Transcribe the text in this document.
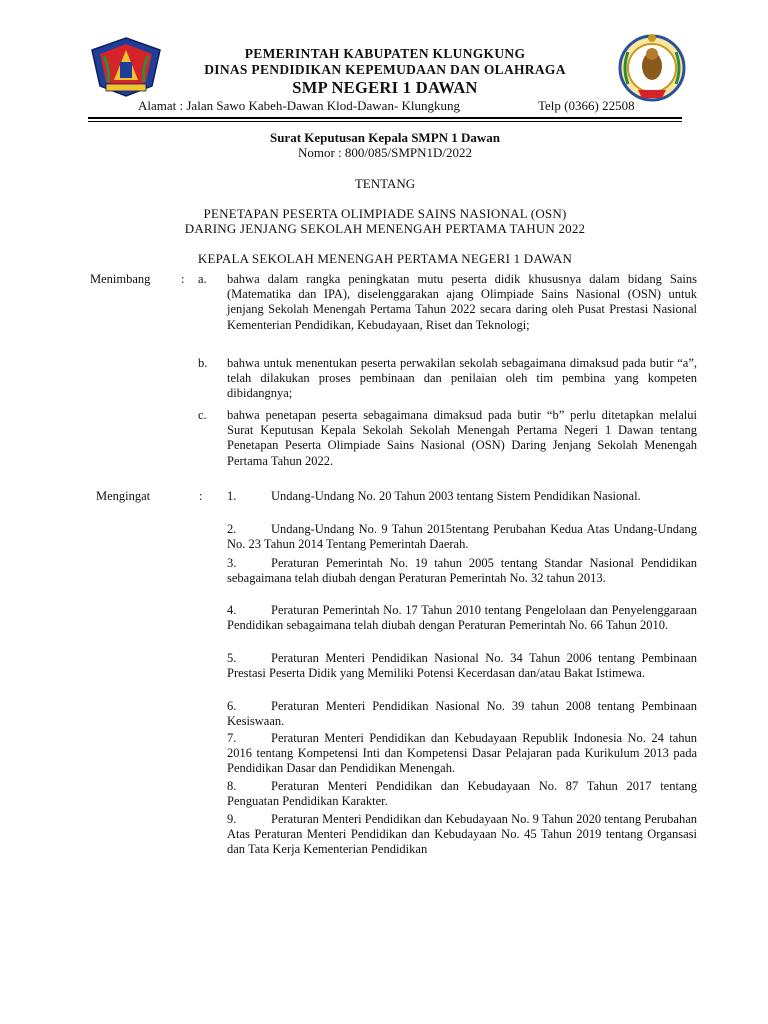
PEMERINTAH KABUPATEN KLUNGKUNG
DINAS PENDIDIKAN KEPEMUDAAN DAN OLAHRAGA
SMP NEGERI 1 DAWAN
Alamat : Jalan Sawo Kabeh-Dawan Klod-Dawan- Klungkung	Telp (0366) 22508
Surat Keputusan Kepala SMPN 1 Dawan
Nomor : 800/085/SMPN1D/2022
TENTANG
PENETAPAN PESERTA OLIMPIADE SAINS NASIONAL (OSN)
DARING JENJANG SEKOLAH MENENGAH PERTAMA TAHUN 2022
KEPALA SEKOLAH MENENGAH PERTAMA NEGERI 1 DAWAN
Menimbang : a. bahwa dalam rangka peningkatan mutu peserta didik khususnya dalam bidang Sains (Matematika dan IPA), diselenggarakan ajang Olimpiade Sains Nasional (OSN) untuk jenjang Sekolah Menengah Pertama Tahun 2022 secara daring oleh Pusat Prestasi Nasional Kementerian Pendidikan, Kebudayaan, Riset dan Teknologi;
b. bahwa untuk menentukan peserta perwakilan sekolah sebagaimana dimaksud pada butir “a”, telah dilakukan proses pembinaan dan penilaian oleh tim pembina yang kompeten dibidangnya;
c. bahwa penetapan peserta sebagaimana dimaksud pada butir “b” perlu ditetapkan melalui Surat Keputusan Kepala Sekolah Sekolah Menengah Pertama Negeri 1 Dawan tentang Penetapan Peserta Olimpiade Sains Nasional (OSN) Daring Jenjang Sekolah Menengah Pertama Tahun 2022.
Mengingat	: 1.	Undang-Undang No. 20 Tahun 2003 tentang Sistem Pendidikan Nasional.
2.	Undang-Undang No. 9 Tahun 2015tentang Perubahan Kedua Atas Undang-Undang No. 23 Tahun 2014 Tentang Pemerintah Daerah.
3.	Peraturan Pemerintah No. 19 tahun 2005 tentang Standar Nasional Pendidikan sebagaimana telah diubah dengan Peraturan Pemerintah No. 32 tahun 2013.
4.	Peraturan Pemerintah No. 17 Tahun 2010 tentang Pengelolaan dan Penyelenggaraan Pendidikan sebagaimana telah diubah dengan Peraturan Pemerintah No. 66 Tahun 2010.
5.	Peraturan Menteri Pendidikan Nasional No. 34 Tahun 2006 tentang Pembinaan Prestasi Peserta Didik yang Memiliki Potensi Kecerdasan dan/atau Bakat Istimewa.
6.	Peraturan Menteri Pendidikan Nasional No. 39 tahun 2008 tentang Pembinaan Kesiswaan.
7.	Peraturan Menteri Pendidikan dan Kebudayaan Republik Indonesia No. 24 tahun 2016 tentang Kompetensi Inti dan Kompetensi Dasar Pelajaran pada Kurikulum 2013 pada Pendidikan Dasar dan Pendidikan Menengah.
8.	Peraturan Menteri Pendidikan dan Kebudayaan No. 87 Tahun 2017 tentang Penguatan Pendidikan Karakter.
9.	Peraturan Menteri Pendidikan dan Kebudayaan No. 9 Tahun 2020 tentang Perubahan Atas Peraturan Menteri Pendidikan dan Kebudayaan No. 45 Tahun 2019 tentang Organsasi dan Tata Kerja Kementerian Pendidikan
